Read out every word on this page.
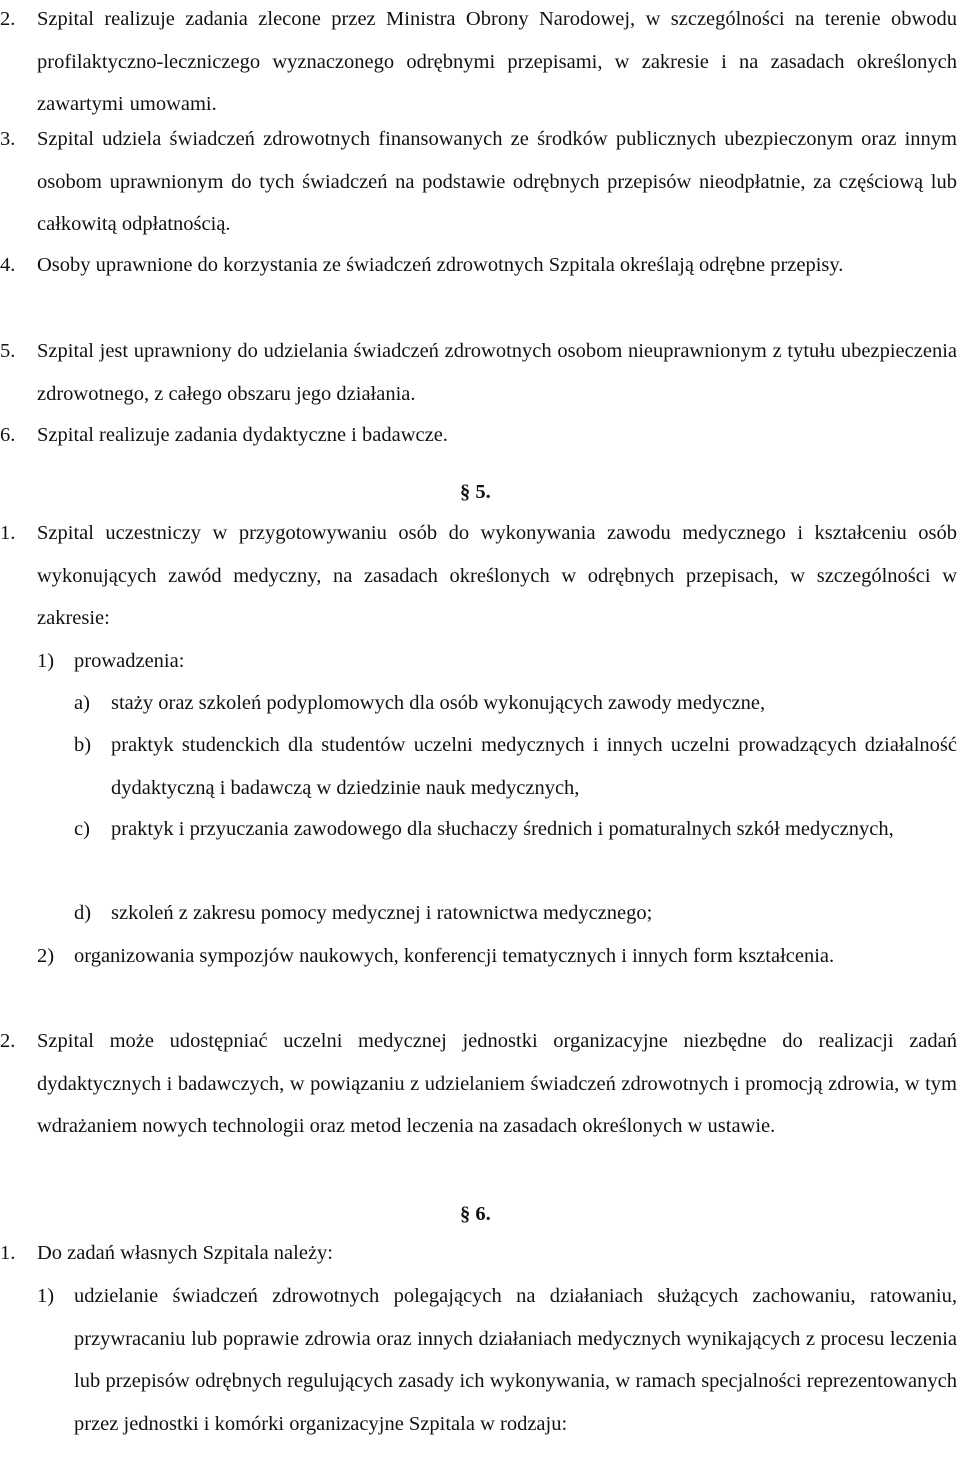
2. Szpital realizuje zadania zlecone przez Ministra Obrony Narodowej, w szczególności na terenie obwodu profilaktyczno-leczniczego wyznaczonego odrębnymi przepisami, w zakresie i na zasadach określonych zawartymi umowami.
3. Szpital udziela świadczeń zdrowotnych finansowanych ze środków publicznych ubezpieczonym oraz innym osobom uprawnionym do tych świadczeń na podstawie odrębnych przepisów nieodpłatnie, za częściową lub całkowitą odpłatnością.
4. Osoby uprawnione do korzystania ze świadczeń zdrowotnych Szpitala określają odrębne przepisy.
5. Szpital jest uprawniony do udzielania świadczeń zdrowotnych osobom nieuprawnionym z tytułu ubezpieczenia zdrowotnego, z całego obszaru jego działania.
6. Szpital realizuje zadania dydaktyczne i badawcze.
§ 5.
1. Szpital uczestniczy w przygotowywaniu osób do wykonywania zawodu medycznego i kształceniu osób wykonujących zawód medyczny, na zasadach określonych w odrębnych przepisach, w szczególności w zakresie:
1) prowadzenia:
a) staży oraz szkoleń podyplomowych dla osób wykonujących zawody medyczne,
b) praktyk studenckich dla studentów uczelni medycznych i innych uczelni prowadzących działalność dydaktyczną i badawczą w dziedzinie nauk medycznych,
c) praktyk i przyuczania zawodowego dla słuchaczy średnich i pomaturalnych szkół medycznych,
d) szkoleń z zakresu pomocy medycznej i ratownictwa medycznego;
2) organizowania sympozjów naukowych, konferencji tematycznych i innych form kształcenia.
2. Szpital może udostępniać uczelni medycznej jednostki organizacyjne niezbędne do realizacji zadań dydaktycznych i badawczych, w powiązaniu z udzielaniem świadczeń zdrowotnych i promocją zdrowia, w tym wdrażaniem nowych technologii oraz metod leczenia na zasadach określonych w ustawie.
§ 6.
1. Do zadań własnych Szpitala należy:
1) udzielanie świadczeń zdrowotnych polegających na działaniach służących zachowaniu, ratowaniu, przywracaniu lub poprawie zdrowia oraz innych działaniach medycznych wynikających z procesu leczenia lub przepisów odrębnych regulujących zasady ich wykonywania, w ramach specjalności reprezentowanych przez jednostki i komórki organizacyjne Szpitala w rodzaju:
